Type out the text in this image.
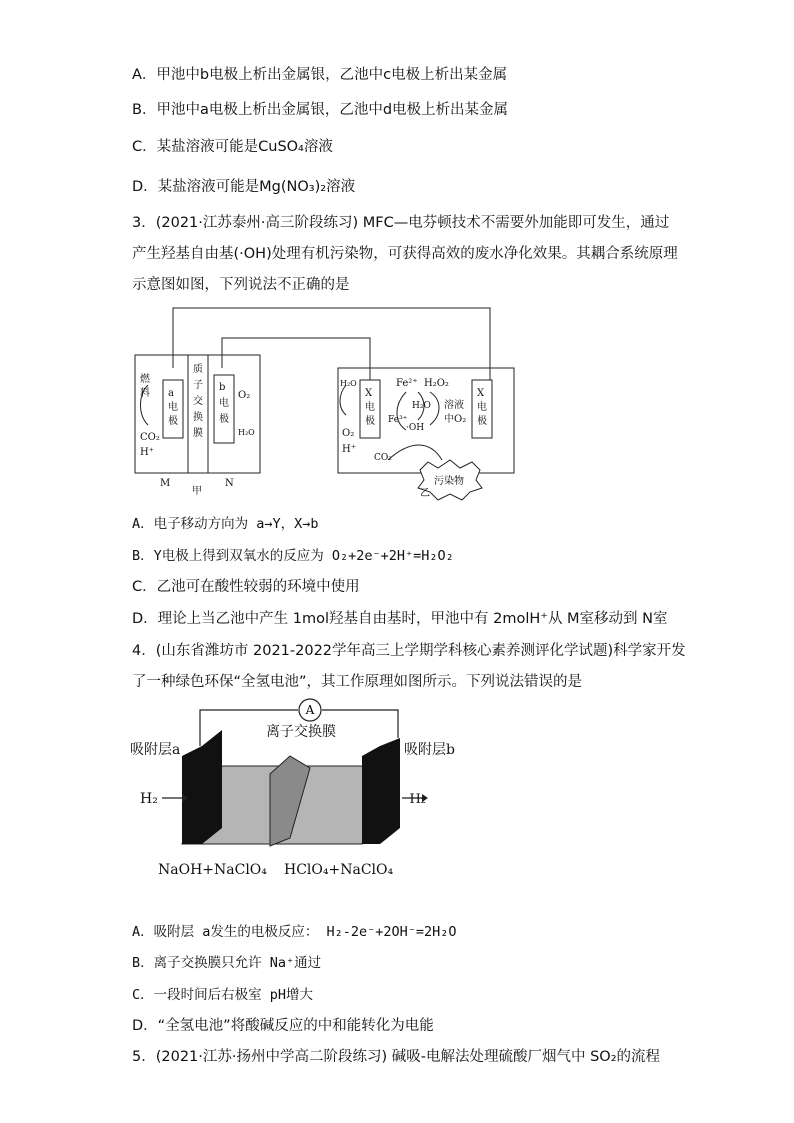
A．甲池中b电极上析出金属银，乙池中c电极上析出某金属
B．甲池中a电极上析出金属银，乙池中d电极上析出某金属
C．某盐溶液可能是CuSO₄溶液
D．某盐溶液可能是Mg(NO₃)₂溶液
3．(2021·江苏泰州·高三阶段练习) MFC—电芬顿技术不需要外加能即可发生，通过
产生羟基自由基(·OH)处理有机污染物，可获得高效的废水净化效果。其耦合系统原理
示意图如图，下列说法不正确的是
燃
料
CO₂
H⁺
a
电
极
质
子
交
换
膜
b
电
极
O₂
H₂O
M
甲
N
H₂O
O₂
H⁺
X
电
极
Fe²⁺ H₂O₂
H₂O
Fe³⁺
·OH
溶液
中O₂
X
电
极
CO₂
污染物
乙
A．电子移动方向为 a→Y，X→b
B．Y电极上得到双氧水的反应为 O₂+2e⁻+2H⁺=H₂O₂
C．乙池可在酸性较弱的环境中使用
D．理论上当乙池中产生 1mol羟基自由基时，甲池中有 2molH⁺从 M室移动到 N室
4．(山东省潍坊市 2021-2022学年高三上学期学科核心素养测评化学试题)科学家开发
了一种绿色环保“全氢电池”，其工作原理如图所示。下列说法错误的是
A
离子交换膜
吸附层a	吸附层b
H₂	H₂
NaOH+NaClO₄ HClO₄+NaClO₄
A．吸附层 a发生的电极反应： H₂-2e⁻+2OH⁻=2H₂O
B．离子交换膜只允许 Na⁺通过
C．一段时间后右极室 pH增大
D．“全氢电池”将酸碱反应的中和能转化为电能
5．(2021·江苏·扬州中学高二阶段练习) 碱吸-电解法处理硫酸厂烟气中 SO₂的流程
